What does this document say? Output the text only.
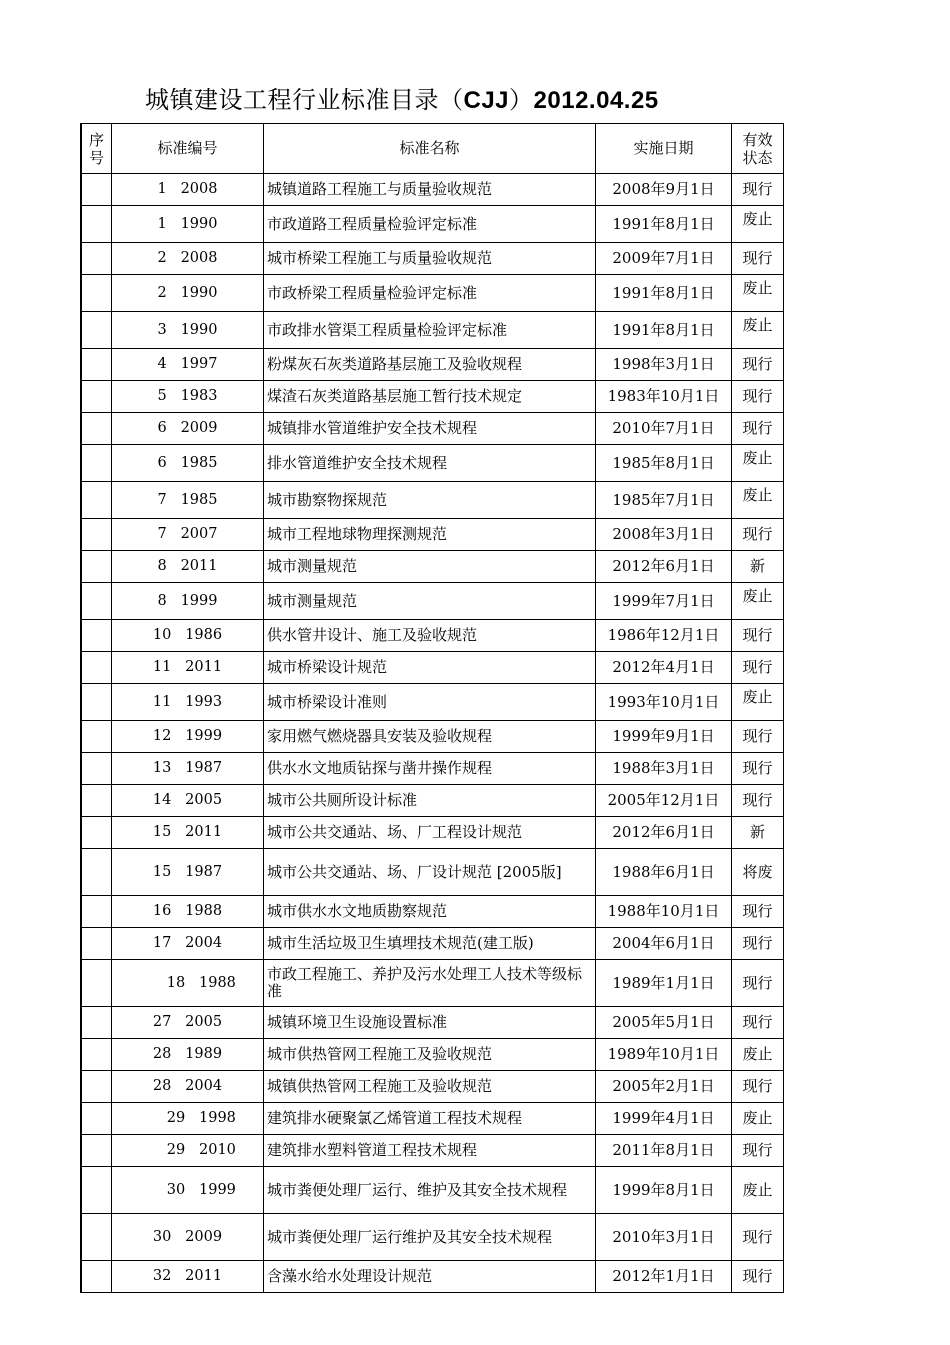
城镇建设工程行业标准目录（CJJ）2012.04.25
序
号	标准编号	标准名称	实施日期	有效
状态
	1   2008	城镇道路工程施工与质量验收规范	2008年9月1日	现行
	1   1990	市政道路工程质量检验评定标准	1991年8月1日	废止
	2   2008	城市桥梁工程施工与质量验收规范	2009年7月1日	现行
	2   1990	市政桥梁工程质量检验评定标准	1991年8月1日	废止
	3   1990	市政排水管渠工程质量检验评定标准	1991年8月1日	废止
	4   1997	粉煤灰石灰类道路基层施工及验收规程	1998年3月1日	现行
	5   1983	煤渣石灰类道路基层施工暂行技术规定	1983年10月1日	现行
	6   2009	城镇排水管道维护安全技术规程	2010年7月1日	现行
	6   1985	排水管道维护安全技术规程	1985年8月1日	废止
	7   1985	城市勘察物探规范	1985年7月1日	废止
	7   2007	城市工程地球物理探测规范	2008年3月1日	现行
	8   2011	城市测量规范	2012年6月1日	新
	8   1999	城市测量规范	1999年7月1日	废止
	10   1986	供水管井设计、施工及验收规范	1986年12月1日	现行
	11   2011	城市桥梁设计规范	2012年4月1日	现行
	11   1993	城市桥梁设计准则	1993年10月1日	废止
	12   1999	家用燃气燃烧器具安装及验收规程	1999年9月1日	现行
	13   1987	供水水文地质钻探与凿井操作规程	1988年3月1日	现行
	14   2005	城市公共厕所设计标准	2005年12月1日	现行
	15   2011	城市公共交通站、场、厂工程设计规范	2012年6月1日	新
	15   1987	城市公共交通站、场、厂设计规范 [2005版]	1988年6月1日	将废
	16   1988	城市供水水文地质勘察规范	1988年10月1日	现行
	17   2004	城市生活垃圾卫生填埋技术规范(建工版)	2004年6月1日	现行
	18   1988	市政工程施工、养护及污水处理工人技术等级标准	1989年1月1日	现行
	27   2005	城镇环境卫生设施设置标准	2005年5月1日	现行
	28   1989	城市供热管网工程施工及验收规范	1989年10月1日	废止
	28   2004	城镇供热管网工程施工及验收规范	2005年2月1日	现行
	29   1998	建筑排水硬聚氯乙烯管道工程技术规程	1999年4月1日	废止
	29   2010	建筑排水塑料管道工程技术规程	2011年8月1日	现行
	30   1999	城市粪便处理厂运行、维护及其安全技术规程	1999年8月1日	废止
	30   2009	城市粪便处理厂运行维护及其安全技术规程	2010年3月1日	现行
	32   2011	含藻水给水处理设计规范	2012年1月1日	现行
